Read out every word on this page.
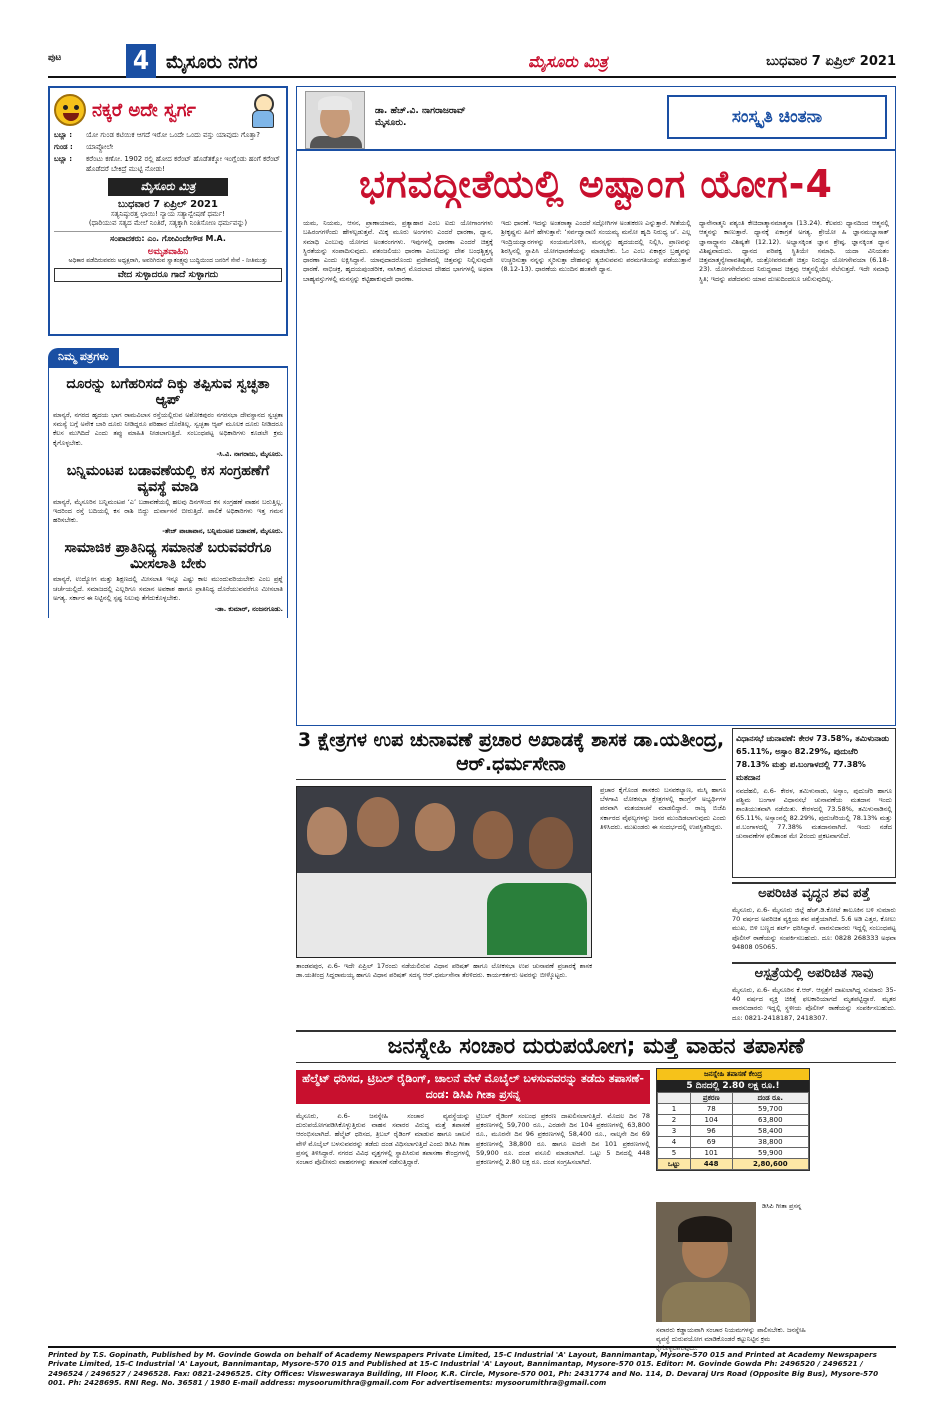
ಪುಟ	4 ಮೈಸೂರು ನಗರ	ಮೈಸೂರು ಮಿತ್ರ	ಬುಧವಾರ 7 ಏಪ್ರಿಲ್ 2021
ನಕ್ಕರೆ ಅದೇ ಸ್ವರ್ಗ
ಬಬ್ಲಾ :	ಯೋ ಗುಂಡ ಕಟಿಯಿಕ ಆಗದೆ ಇರೋ ಒಂದೇ ಒಂದು ವಸ್ತು ಯಾವುದು ಗೊತ್ತಾ?
ಗುಂಡ :	ಯಾವ್ದೋಲೇ
ಬಬ್ಲಾ :	ಕರೆಂಟು ಕಣೋ. 1902 ರಲ್ಲಿ ಹೋದ ಕರೆಂಟ್ ಹೊಡೆತಕ್ಕೋ ಇಂಗ್ಲೆಂಡು ಹಂಗೆ ಕರೆಂಟ್ ಹೊಡೆದರೆ ಬೇಕಿದ್ರೆ ಮುಟ್ಟಿ ನೋಡು!
ಮೈಸೂರು ಮಿತ್ರ
ಬುಧವಾರ 7 ಏಪ್ರಿಲ್ 2021
ಸತ್ಯನಿಷ್ಠುರತ್ತ ಛಾಯಿ! ನ್ಯಾಯ ಸತ್ಯಾನ್ವೇಷಣೆ ಧರ್ಮ!
(ಧಾರಿಯುವ ಸತ್ಯದ ಮೇಲೆ ನಿಂತಿರೆ, ಸತ್ಯಕ್ಕಾಗಿ ನಿಂತಿಸೋಣ ಧರ್ಮವನ್ನು)
ಸಂಪಾದಕರು: ಎಂ. ಗೋವಿಂದೇಗೌಡ M.A.
ಅಮೃತವಾಹಿನಿ
ಅಧಿಕಾರ ಪಡೆದಿರುವವರು ಅಧ್ಯಕ್ಷರಾಗಿ, ಅವರಿಗಿರುವ ಸ್ವಾತಂತ್ರ್ಯವು ಬುದ್ಧಿಯಿಂದ ಜನರಿಗೆ ಸೇವೆ - ನೀತಿಮುತ್ತು
ವೇದ ಸುಳ್ಳಾದರೂ ಗಾದೆ ಸುಳ್ಳಾಗದು
ನಿಮ್ಮ ಪತ್ರಗಳು
ದೂರನ್ನು ಬಗೆಹರಿಸದೆ ದಿಕ್ಕು ತಪ್ಪಿಸುವ ಸ್ವಚ್ಛತಾ ಆ್ಯಪ್
ಮಾನ್ಯರೆ, ನಗರದ ಹೃದಯ ಭಾಗ ರಾಮವಿಲಾಸ ರಸ್ತೆಯಲ್ಲಿರುವ ಅಶೋಕಪುರಂ ನಗರಸಭಾ ದೇವಸ್ಥಾನದ ಸ್ವಚ್ಛತಾ ಸಮಸ್ಯೆ ಬಗ್ಗೆ ಅನೇಕ ಬಾರಿ ದೂರು ನೀಡಿದ್ದರೂ ಪರಿಹಾರ ದೊರೆತಿಲ್ಲ. ಸ್ವಚ್ಛತಾ ಆ್ಯಪ್ ಮೂಲಕ ದೂರು ನೀಡಿದರೂ ಕೆಲಸ ಮುಗಿದಿದೆ ಎಂದು ತಪ್ಪು ಮಾಹಿತಿ ನೀಡಲಾಗುತ್ತಿದೆ. ಸಂಬಂಧಪಟ್ಟ ಅಧಿಕಾರಿಗಳು ಕೂಡಲೇ ಕ್ರಮ ಕೈಗೊಳ್ಳಬೇಕು.
-ಸಿ.ವಿ. ನಾಗರಾಜು, ಮೈಸೂರು.
ಬನ್ನಿಮಂಟಪ ಬಡಾವಣೆಯಲ್ಲಿ ಕಸ ಸಂಗ್ರಹಣೆಗೆ ವ್ಯವಸ್ಥೆ ಮಾಡಿ
ಮಾನ್ಯರೆ, ಮೈಸೂರಿನ ಬನ್ನಿಮಂಟಪ ‘ಎ’ ಬಡಾವಣೆಯಲ್ಲಿ ಹಲವು ದಿನಗಳಿಂದ ಕಸ ಸಂಗ್ರಹಣೆ ವಾಹನ ಬರುತ್ತಿಲ್ಲ. ಇದರಿಂದ ರಸ್ತೆ ಬದಿಯಲ್ಲಿ ಕಸ ರಾಶಿ ಬಿದ್ದು ದುರ್ವಾಸನೆ ಬೀರುತ್ತಿದೆ. ಪಾಲಿಕೆ ಅಧಿಕಾರಿಗಳು ಇತ್ತ ಗಮನ ಹರಿಸಬೇಕು.
-ತೇಜ್ ಪಾಚಾಪಾನ, ಬನ್ನಿಮಂಟಪ ಬಡಾವಣೆ, ಮೈಸೂರು.
ಸಾಮಾಜಿಕ ಪ್ರಾತಿನಿಧ್ಯ ಸಮಾನತೆ ಬರುವವರೆಗೂ ಮೀಸಲಾತಿ ಬೇಕು
ಮಾನ್ಯರೆ, ಉದ್ಯೋಗ ಮತ್ತು ಶಿಕ್ಷಣದಲ್ಲಿ ಮೀಸಲಾತಿ ಇನ್ನೂ ಎಷ್ಟು ಕಾಲ ಮುಂದುವರಿಯಬೇಕು ಎಂಬ ಪ್ರಶ್ನೆ ಚರ್ಚೆಯಲ್ಲಿದೆ. ಸಮಾಜದಲ್ಲಿ ಎಲ್ಲರಿಗೂ ಸಮಾನ ಅವಕಾಶ ಹಾಗೂ ಪ್ರಾತಿನಿಧ್ಯ ದೊರೆಯುವವರೆಗೂ ಮೀಸಲಾತಿ ಅಗತ್ಯ. ಸರ್ಕಾರ ಈ ನಿಟ್ಟಿನಲ್ಲಿ ಸ್ಪಷ್ಟ ನಿಲುವು ತೆಗೆದುಕೊಳ್ಳಬೇಕು.
-ಡಾ. ಕುಮಾರ್, ನಂಜನಗೂಡು.
ಡಾ. ಹೆಚ್.ವಿ. ನಾಗರಾಜರಾವ್
ಮೈಸೂರು.	ಸಂಸ್ಕೃತಿ ಚಿಂತನಾ
ಭಗವದ್ಗೀತೆಯಲ್ಲಿ ಅಷ್ಟಾಂಗ ಯೋಗ-4
ಯಮ, ನಿಯಮ, ಆಸನ, ಪ್ರಾಣಾಯಾಮ, ಪ್ರತ್ಯಾಹಾರ ಎಂಬ ಐದು ಯೋಗಾಂಗಗಳು ಬಹಿರಂಗಗಳೆಂದು ಹೇಳಲ್ಪಡುತ್ತವೆ. ಮಿಕ್ಕ ಮೂರು ಅಂಗಗಳು ಎಂದರೆ ಧಾರಣಾ, ಧ್ಯಾನ, ಸಮಾಧಿ ಎಂಬುವು ಯೋಗದ ಅಂತರಂಗಗಳು. ಇವುಗಳಲ್ಲಿ ಧಾರಣಾ ಎಂದರೆ ಚಿತ್ತಕ್ಕೆ ಸ್ಥಿರತೆಯನ್ನು ಸಂಪಾದಿಸುವುದು. ಪತಂಜಲಿಯು ಧಾರಣಾ ಎಂಬುದನ್ನು ದೇಶ ಬಂಧಶ್ಚಿತ್ತಸ್ಯ ಧಾರಣಾ ಎಂದು ಲಕ್ಷಿಸಿದ್ದಾನೆ. ಯಾವುದಾದರೊಂದು ಪ್ರದೇಶದಲ್ಲಿ ಚಿತ್ತವನ್ನು ನಿಲ್ಲಿಸುವುದೇ ಧಾರಣೆ. ನಾಭಿಚಕ್ರ, ಹೃದಯಪುಂಡರೀಕ, ನಾಸಿಕಾಗ್ರ ಮೊದಲಾದ ದೇಹದ ಭಾಗಗಳಲ್ಲಿ ಅಥವಾ ಬಾಹ್ಯವಸ್ತುಗಳಲ್ಲಿ ಮನಸ್ಸನ್ನು ಕಟ್ಟಿಹಾಕುವುದೇ ಧಾರಣಾ.
ಇದು ಧಾರಣೆ. ಇದನ್ನು ಅಂತರಾತ್ಮಾ ಎಂದರೆ ಸದ್ಗೋಗಿಗಳ ಅಂತಃಕರಣ ಎನ್ನುತ್ತಾರೆ. ಗೀತೆಯಲ್ಲಿ ಶ್ರೀಕೃಷ್ಣನು ಹೀಗೆ ಹೇಳುತ್ತಾನೆ: ‘ಸರ್ವದ್ವಾರಾಣಿ ಸಂಯಮ್ಯ ಮನೋ ಹೃದಿ ನಿರುಧ್ಯ ಚ’. ಎಲ್ಲ ಇಂದ್ರಿಯದ್ವಾರಗಳನ್ನು ಸಂಯಮಗೊಳಿಸಿ, ಮನಸ್ಸನ್ನು ಹೃದಯದಲ್ಲಿ ನಿಲ್ಲಿಸಿ, ಪ್ರಾಣವನ್ನು ಶಿರಸ್ಸಿನಲ್ಲಿ ಸ್ಥಾಪಿಸಿ ಯೋಗಧಾರಣೆಯನ್ನು ಮಾಡಬೇಕು. ಓಂ ಎಂಬ ಏಕಾಕ್ಷರ ಬ್ರಹ್ಮವನ್ನು ಉಚ್ಚರಿಸುತ್ತಾ ನನ್ನನ್ನು ಸ್ಮರಿಸುತ್ತಾ ದೇಹವನ್ನು ತ್ಯಜಿಸುವವನು ಪರಮಗತಿಯನ್ನು ಪಡೆಯುತ್ತಾನೆ (8.12-13). ಧಾರಣೆಯ ಮುಂದಿನ ಹಂತವೇ ಧ್ಯಾನ.
ಧ್ಯಾನೇನಾತ್ಮನಿ ಪಶ್ಯಂತಿ ಕೇಚಿದಾತ್ಮಾನಮಾತ್ಮನಾ (13.24). ಕೆಲವರು ಧ್ಯಾನದಿಂದ ಆತ್ಮನಲ್ಲಿ ಆತ್ಮನನ್ನು ಕಾಣುತ್ತಾರೆ. ಧ್ಯಾನಕ್ಕೆ ಏಕಾಗ್ರತೆ ಅಗತ್ಯ. ಶ್ರೇಯೋ ಹಿ ಜ್ಞಾನಮಭ್ಯಾಸಾತ್ ಜ್ಞಾನಾದ್ಧ್ಯಾನಂ ವಿಶಿಷ್ಯತೇ (12.12). ಅಭ್ಯಾಸಕ್ಕಿಂತ ಜ್ಞಾನ ಶ್ರೇಷ್ಠ, ಜ್ಞಾನಕ್ಕಿಂತ ಧ್ಯಾನ ವಿಶಿಷ್ಟವಾದುದು. ಧ್ಯಾನದ ಪರಿಪಕ್ವ ಸ್ಥಿತಿಯೇ ಸಮಾಧಿ. ಯದಾ ವಿನಿಯತಂ ಚಿತ್ತಮಾತ್ಮನ್ಯೇವಾವತಿಷ್ಠತೇ, ಯತ್ರೋಪರಮತೇ ಚಿತ್ತಂ ನಿರುದ್ಧಂ ಯೋಗಸೇವಯಾ (6.18-23). ಯೋಗಸೇವೆಯಿಂದ ನಿರುದ್ಧವಾದ ಚಿತ್ತವು ಆತ್ಮನಲ್ಲಿಯೇ ನೆಲೆಸುತ್ತದೆ. ಇದೇ ಸಮಾಧಿ ಸ್ಥಿತಿ; ಇದನ್ನು ಪಡೆದವನು ಯಾವ ದುಃಖದಿಂದಲೂ ಚಲಿಸುವುದಿಲ್ಲ.
3 ಕ್ಷೇತ್ರಗಳ ಉಪ ಚುನಾವಣೆ ಪ್ರಚಾರ ಅಖಾಡಕ್ಕೆ ಶಾಸಕ ಡಾ.ಯತೀಂದ್ರ, ಆರ್.ಧರ್ಮಸೇನಾ
ತಾಂಡವಪುರ, ಏ.6- ಇದೇ ಏಪ್ರಿಲ್ 17ರಂದು ನಡೆಯಲಿರುವ ವಿಧಾನ ಪರಿಷತ್ ಹಾಗೂ ಲೋಕಸಭಾ ಉಪ ಚುನಾವಣೆ ಪ್ರಚಾರಕ್ಕೆ ಶಾಸಕ ಡಾ.ಯತೀಂದ್ರ ಸಿದ್ದರಾಮಯ್ಯ ಹಾಗೂ ವಿಧಾನ ಪರಿಷತ್ ಸದಸ್ಯ ಆರ್.ಧರ್ಮಸೇನಾ ತೆರಳಿದರು. ಕಾರ್ಯಕರ್ತರು ಅವರನ್ನು ಬೀಳ್ಕೊಟ್ಟರು.
ಪ್ರಚಾರ ಕೈಗೊಂಡ ಶಾಸಕರು ಬಸವಕಲ್ಯಾಣ, ಮಸ್ಕಿ ಹಾಗೂ ಬೆಳಗಾವಿ ಲೋಕಸಭಾ ಕ್ಷೇತ್ರಗಳಲ್ಲಿ ಕಾಂಗ್ರೆಸ್ ಅಭ್ಯರ್ಥಿಗಳ ಪರವಾಗಿ ಮತಯಾಚನೆ ಮಾಡಲಿದ್ದಾರೆ. ರಾಜ್ಯ ಬಿಜೆಪಿ ಸರ್ಕಾರದ ವೈಫಲ್ಯಗಳನ್ನು ಜನರ ಮುಂದಿಡಲಾಗುವುದು ಎಂದು ತಿಳಿಸಿದರು. ಮುಖಂಡರು ಈ ಸಂದರ್ಭದಲ್ಲಿ ಉಪಸ್ಥಿತರಿದ್ದರು.
ವಿಧಾನಸಭೆ ಚುನಾವಣೆ: ಕೇರಳ 73.58%, ತಮಿಳುನಾಡು 65.11%, ಅಸ್ಸಾಂ 82.29%, ಪುದುಚೆರಿ 78.13% ಮತ್ತು ಪ.ಬಂಗಾಳದಲ್ಲಿ 77.38% ಮತದಾನ
ನವದೆಹಲಿ, ಏ.6- ಕೇರಳ, ತಮಿಳುನಾಡು, ಅಸ್ಸಾಂ, ಪುದುಚೆರಿ ಹಾಗೂ ಪಶ್ಚಿಮ ಬಂಗಾಳ ವಿಧಾನಸಭೆ ಚುನಾವಣೆಯ ಮತದಾನ ಇಂದು ಶಾಂತಿಯುತವಾಗಿ ನಡೆಯಿತು. ಕೇರಳದಲ್ಲಿ 73.58%, ತಮಿಳುನಾಡಿನಲ್ಲಿ 65.11%, ಅಸ್ಸಾಂನಲ್ಲಿ 82.29%, ಪುದುಚೆರಿಯಲ್ಲಿ 78.13% ಮತ್ತು ಪ.ಬಂಗಾಳದಲ್ಲಿ 77.38% ಮತದಾನವಾಗಿದೆ. ಇಂದು ನಡೆದ ಚುನಾವಣೆಗಳ ಫಲಿತಾಂಶ ಮೇ 2ರಂದು ಪ್ರಕಟವಾಗಲಿದೆ.
ಜನಸ್ನೇಹಿ ಸಂಚಾರ ದುರುಪಯೋಗ; ಮತ್ತೆ ವಾಹನ ತಪಾಸಣೆ
ಹೆಲ್ಮೆಟ್ ಧರಿಸದ, ಟ್ರಿಬಲ್ ರೈಡಿಂಗ್, ಚಾಲನೆ ವೇಳೆ ಮೊಬೈಲ್ ಬಳಸುವವರನ್ನು ತಡೆದು ತಪಾಸಣೆ-ದಂಡ: ಡಿಸಿಪಿ ಗೀತಾ ಪ್ರಸನ್ನ
ಜನಸ್ನೇಹಿ ತಪಾಸಣೆ ಕೇಂದ್ರ
5 ದಿನದಲ್ಲಿ 2.80 ಲಕ್ಷ ರೂ.!
	ಪ್ರಕರಣ	ದಂಡ ರೂ.
1	78	59,700
2	104	63,800
3	96	58,400
4	69	38,800
5	101	59,900
ಒಟ್ಟು	448	2,80,600
ಮೈಸೂರು, ಏ.6- ಜನಸ್ನೇಹಿ ಸಂಚಾರ ವ್ಯವಸ್ಥೆಯನ್ನು ದುರುಪಯೋಗಪಡಿಸಿಕೊಳ್ಳುತ್ತಿರುವ ವಾಹನ ಸವಾರರ ವಿರುದ್ಧ ಮತ್ತೆ ತಪಾಸಣೆ ಆರಂಭಿಸಲಾಗಿದೆ. ಹೆಲ್ಮೆಟ್ ಧರಿಸದ, ತ್ರಿಬಲ್ ರೈಡಿಂಗ್ ಮಾಡುವ ಹಾಗೂ ಚಾಲನೆ ವೇಳೆ ಮೊಬೈಲ್ ಬಳಸುವವರನ್ನು ತಡೆದು ದಂಡ ವಿಧಿಸಲಾಗುತ್ತಿದೆ ಎಂದು ಡಿಸಿಪಿ ಗೀತಾ ಪ್ರಸನ್ನ ತಿಳಿಸಿದ್ದಾರೆ. ನಗರದ ವಿವಿಧ ವೃತ್ತಗಳಲ್ಲಿ ಸ್ಥಾಪಿಸಿರುವ ತಪಾಸಣಾ ಕೇಂದ್ರಗಳಲ್ಲಿ ಸಂಚಾರ ಪೊಲೀಸರು ವಾಹನಗಳನ್ನು ತಪಾಸಣೆ ನಡೆಸುತ್ತಿದ್ದಾರೆ.
ಟ್ರಿಬಲ್ ರೈಡಿಂಗ್ ಸಂಬಂಧ ಪ್ರಕರಣ ದಾಖಲಿಸಲಾಗುತ್ತಿದೆ. ಮೊದಲ ದಿನ 78 ಪ್ರಕರಣಗಳಲ್ಲಿ 59,700 ರೂ., ಎರಡನೇ ದಿನ 104 ಪ್ರಕರಣಗಳಲ್ಲಿ 63,800 ರೂ., ಮೂರನೇ ದಿನ 96 ಪ್ರಕರಣಗಳಲ್ಲಿ 58,400 ರೂ., ನಾಲ್ಕನೇ ದಿನ 69 ಪ್ರಕರಣಗಳಲ್ಲಿ 38,800 ರೂ. ಹಾಗೂ ಐದನೇ ದಿನ 101 ಪ್ರಕರಣಗಳಲ್ಲಿ 59,900 ರೂ. ದಂಡ ವಸೂಲಿ ಮಾಡಲಾಗಿದೆ. ಒಟ್ಟು 5 ದಿನದಲ್ಲಿ 448 ಪ್ರಕರಣಗಳಲ್ಲಿ 2.80 ಲಕ್ಷ ರೂ. ದಂಡ ಸಂಗ್ರಹಿಸಲಾಗಿದೆ.
ಡಿಸಿಪಿ ಗೀತಾ ಪ್ರಸನ್ನ
ಸವಾರರು ಕಡ್ಡಾಯವಾಗಿ ಸಂಚಾರ ನಿಯಮಗಳನ್ನು ಪಾಲಿಸಬೇಕು. ಜನಸ್ನೇಹಿ ವ್ಯವಸ್ಥೆ ದುರುಪಯೋಗ ಮಾಡಿಕೊಂಡರೆ ಕಟ್ಟುನಿಟ್ಟಿನ ಕ್ರಮ ಕೈಗೊಳ್ಳಲಾಗುವುದು.
ಅಪರಿಚಿತ ವೃದ್ಧನ ಶವ ಪತ್ತೆ
ಮೈಸೂರು, ಏ.6- ಮೈಸೂರು ಜಿಲ್ಲೆ ಹೆಚ್.ಡಿ.ಕೋಟೆ ತಾಲೂಕಿನ ಬಳಿ ಸುಮಾರು 70 ವರ್ಷದ ಅಪರಿಚಿತ ವ್ಯಕ್ತಿಯ ಶವ ಪತ್ತೆಯಾಗಿದೆ. 5.6 ಅಡಿ ಎತ್ತರ, ಕೋಲು ಮುಖ, ಬಿಳಿ ಬಣ್ಣದ ಶರ್ಟ್ ಧರಿಸಿದ್ದಾರೆ. ವಾರಸುದಾರರು ಇದ್ದಲ್ಲಿ ಸಂಬಂಧಪಟ್ಟ ಪೊಲೀಸ್ ಠಾಣೆಯನ್ನು ಸಂಪರ್ಕಿಸಬಹುದು. ದೂ: 0828 268333 ಅಥವಾ 94808 05065.
ಆಸ್ಪತ್ರೆಯಲ್ಲಿ ಅಪರಿಚಿತ ಸಾವು
ಮೈಸೂರು, ಏ.6- ಮೈಸೂರಿನ ಕೆ.ಆರ್. ಆಸ್ಪತ್ರೆಗೆ ದಾಖಲಾಗಿದ್ದ ಸುಮಾರು 35-40 ವರ್ಷದ ವ್ಯಕ್ತಿ ಚಿಕಿತ್ಸೆ ಫಲಕಾರಿಯಾಗದೆ ಮೃತಪಟ್ಟಿದ್ದಾರೆ. ಮೃತರ ವಾರಸುದಾರರು ಇದ್ದಲ್ಲಿ ಸ್ಥಳೀಯ ಪೊಲೀಸ್ ಠಾಣೆಯನ್ನು ಸಂಪರ್ಕಿಸಬಹುದು. ದೂ: 0821-2418187, 2418307.
Printed by T.S. Gopinath, Published by M. Govinde Gowda on behalf of Academy Newspapers Private Limited, 15-C Industrial 'A' Layout, Bannimantap, Mysore-570 015 and Printed at Academy Newspapers Private Limited, 15-C Industrial 'A' Layout, Bannimantap, Mysore-570 015 and Published at 15-C Industrial 'A' Layout, Bannimantap, Mysore-570 015. Editor: M. Govinde Gowda Ph: 2496520 / 2496521 / 2496524 / 2496527 / 2496528. Fax: 0821-2496525. City Offices: Visweswaraya Building, III Floor, K.R. Circle, Mysore-570 001, Ph: 2431774 and No. 114, D. Devaraj Urs Road (Opposite Big Bus), Mysore-570 001. Ph: 2428695. RNI Reg. No. 36581 / 1980 E-mail address: mysoorumithra@gmail.com For advertisements: mysoorumithra@gmail.com
